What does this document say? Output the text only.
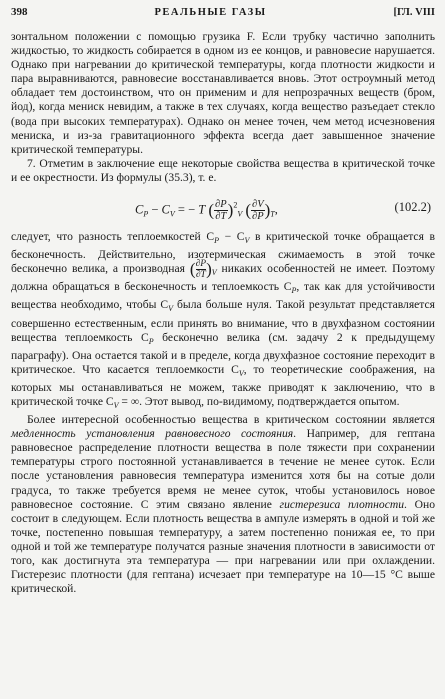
398	РЕАЛЬНЫЕ ГАЗЫ	[ГЛ. VIII

зонтальном положении с помощью грузика F. Если трубку частично заполнить жидкостью, то жидкость собирается в одном из ее концов, и равновесие нарушается. Однако при нагревании до критической температуры, когда плотности жидкости и пара выравниваются, равновесие восстанавливается вновь. Этот остроумный метод обладает тем достоинством, что он применим и для непрозрачных веществ (бром, йод), когда мениск невидим, а также в тех случаях, когда вещество разъедает стекло (вода при высоких температурах). Однако он менее точен, чем метод исчезновения мениска, и из-за гравитационного эффекта всегда дает завышенное значение критической температуры.

7. Отметим в заключение еще некоторые свойства вещества в критической точке и ее окрестности. Из формулы (35.3), т. е.

$C_P - C_V$ = − T ( $\frac{\partial P}{\partial T} )^2_V$ ( $\frac{\partial V}{\partial P} )_T$,	(102.2)

следует, что разность теплоемкостей $C_P - C_V$ в критической точке обращается в бесконечность. Действительно, изотермическая сжимаемость в этой точке бесконечно велика, а производная ( $\frac{\partial P}{\partial T} )_V$ никаких особенностей не имеет. Поэтому должна обращаться в бесконечность и теплоемкость $C_P$, так как для устойчивости вещества необходимо, чтобы $C_V$ была больше нуля. Такой результат представляется совершенно естественным, если принять во внимание, что в двухфазном состоянии вещества теплоемкость $C_P$ бесконечно велика (см. задачу 2 к предыдущему параграфу). Она остается такой и в пределе, когда двухфазное состояние переходит в критическое. Что касается теплоемкости $C_V$, то теоретические соображения, на которых мы останавливаться не можем, также приводят к заключению, что в критической точке $C_V$ = ∞. Этот вывод, по-видимому, подтверждается опытом.

Более интересной особенностью вещества в критическом состоянии является медленность установления равновесного состояния. Например, для гептана равновесное распределение плотности вещества в поле тяжести при сохранении температуры строго постоянной устанавливается в течение не менее суток. Если после установления равновесия температура изменится хотя бы на сотые доли градуса, то также требуется время не менее суток, чтобы установилось новое равновесное состояние. С этим связано явление гистерезиса плотности. Оно состоит в следующем. Если плотность вещества в ампуле измерять в одной и той же точке, постепенно повышая температуру, а затем постепенно понижая ее, то при одной и той же температуре получатся разные значения плотности в зависимости от того, как достигнута эта температура — при нагревании или при охлаждении. Гистерезис плотности (для гептана) исчезает при температуре на 10—15 °С выше критической.
